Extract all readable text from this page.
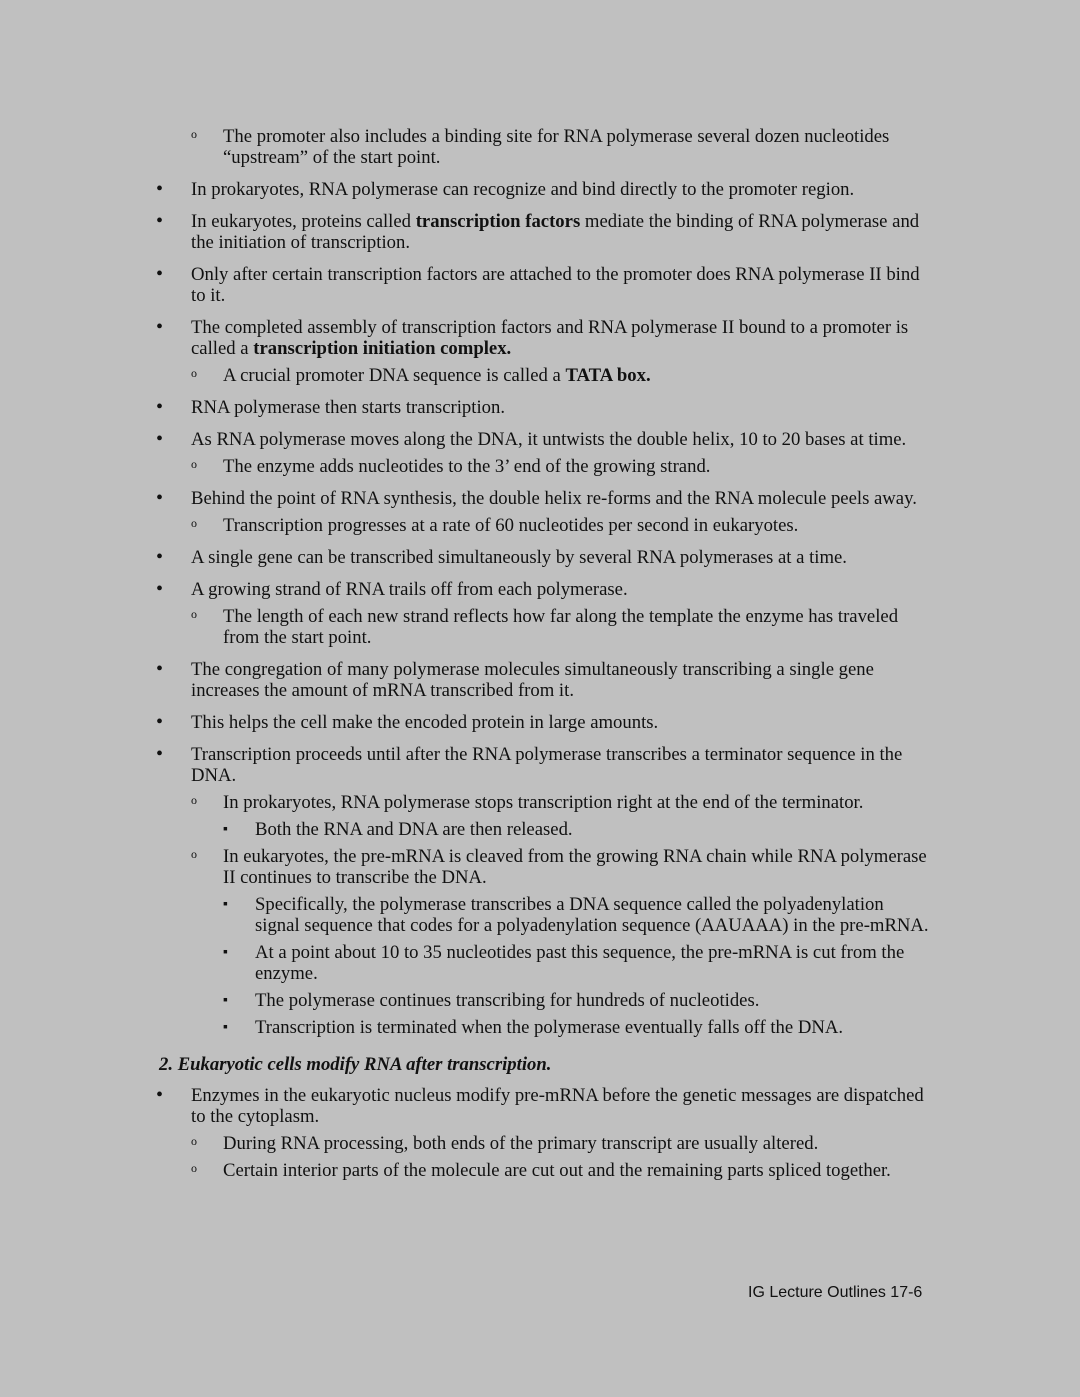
o The promoter also includes a binding site for RNA polymerase several dozen nucleotides “upstream” of the start point.
• In prokaryotes, RNA polymerase can recognize and bind directly to the promoter region.
• In eukaryotes, proteins called transcription factors mediate the binding of RNA polymerase and the initiation of transcription.
• Only after certain transcription factors are attached to the promoter does RNA polymerase II bind to it.
• The completed assembly of transcription factors and RNA polymerase II bound to a promoter is called a transcription initiation complex.
o A crucial promoter DNA sequence is called a TATA box.
• RNA polymerase then starts transcription.
• As RNA polymerase moves along the DNA, it untwists the double helix, 10 to 20 bases at time.
o The enzyme adds nucleotides to the 3’ end of the growing strand.
• Behind the point of RNA synthesis, the double helix re-forms and the RNA molecule peels away.
o Transcription progresses at a rate of 60 nucleotides per second in eukaryotes.
• A single gene can be transcribed simultaneously by several RNA polymerases at a time.
• A growing strand of RNA trails off from each polymerase.
o The length of each new strand reflects how far along the template the enzyme has traveled from the start point.
• The congregation of many polymerase molecules simultaneously transcribing a single gene increases the amount of mRNA transcribed from it.
• This helps the cell make the encoded protein in large amounts.
• Transcription proceeds until after the RNA polymerase transcribes a terminator sequence in the DNA.
o In prokaryotes, RNA polymerase stops transcription right at the end of the terminator.
▪ Both the RNA and DNA are then released.
o In eukaryotes, the pre-mRNA is cleaved from the growing RNA chain while RNA polymerase II continues to transcribe the DNA.
▪ Specifically, the polymerase transcribes a DNA sequence called the polyadenylation signal sequence that codes for a polyadenylation sequence (AAUAAA) in the pre-mRNA.
▪ At a point about 10 to 35 nucleotides past this sequence, the pre-mRNA is cut from the enzyme.
▪ The polymerase continues transcribing for hundreds of nucleotides.
▪ Transcription is terminated when the polymerase eventually falls off the DNA.
2. Eukaryotic cells modify RNA after transcription.
• Enzymes in the eukaryotic nucleus modify pre-mRNA before the genetic messages are dispatched to the cytoplasm.
o During RNA processing, both ends of the primary transcript are usually altered.
o Certain interior parts of the molecule are cut out and the remaining parts spliced together.
IG Lecture Outlines 17-6
